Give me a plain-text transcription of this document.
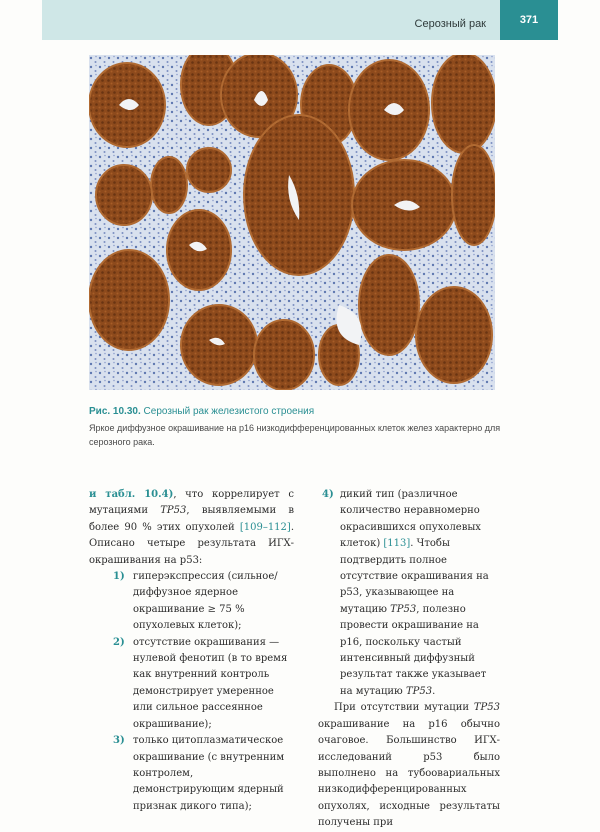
Серозный рак	371
Рис. 10.30. Серозный рак железистого строения
Яркое диффузное окрашивание на p16 низкодифференцированных клеток желез характерно для серозного рака.

и табл. 10.4), что коррелирует с мутациями TP53, выявляемыми в более 90 % этих опухолей [109–112]. Описано четыре результата ИГХ-окрашивания на p53:

1) гиперэкспрессия (сильное/диффузное ядерное окрашивание ≥ 75 % опухолевых клеток);
2) отсутствие окрашивания — нулевой фенотип (в то время как внутренний контроль демонстрирует умеренное или сильное рассеянное окрашивание);
3) только цитоплазматическое окрашивание (с внутренним контролем, демонстрирующим ядерный признак дикого типа);
4) дикий тип (различное количество неравномерно окрасившихся опухолевых клеток) [113]. Чтобы подтвердить полное отсутствие окрашивания на p53, указывающее на мутацию TP53, полезно провести окрашивание на p16, поскольку частый интенсивный диффузный результат также указывает на мутацию TP53.

При отсутствии мутации TP53 окрашивание на p16 обычно очаговое. Большинство ИГХ-исследований p53 было выполнено на тубоовариальных низкодифференцированных опухолях, исходные результаты получены при
